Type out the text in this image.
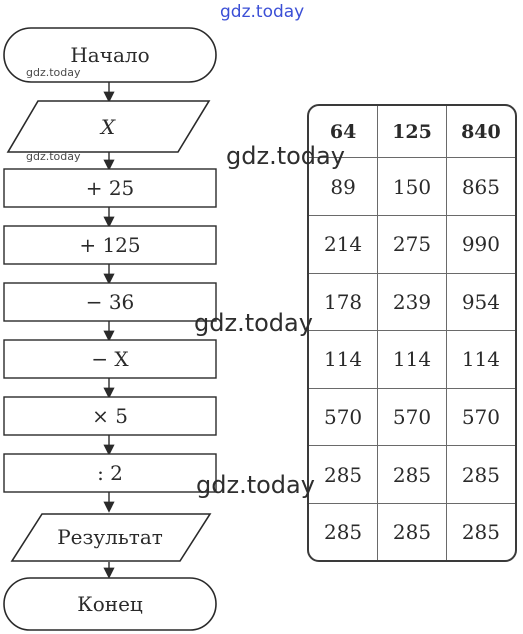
Начало
X
+ 25
+ 125
− 36
− X
× 5
: 2
Результат
Конец
64	125	840
89	150	865
214	275	990
178	239	954
114	114	114
570	570	570
285	285	285
285	285	285
gdz.today
gdz.today
gdz.today	gdz.today
gdz.today
gdz.today
